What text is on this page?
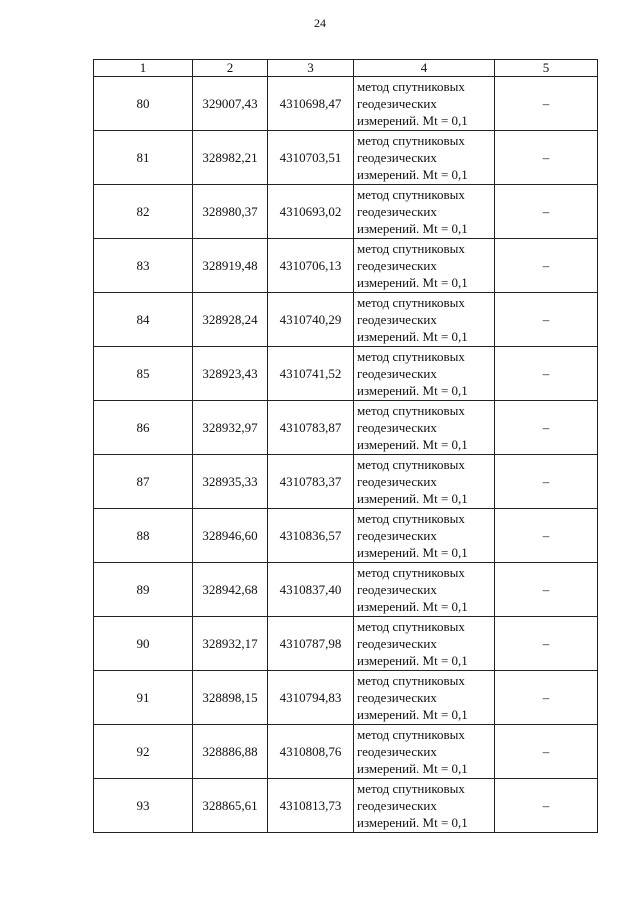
24
1	2	3	4	5
80	329007,43	4310698,47	метод спутниковых
геодезических
измерений. Mt = 0,1	–
81	328982,21	4310703,51	метод спутниковых
геодезических
измерений. Mt = 0,1	–
82	328980,37	4310693,02	метод спутниковых
геодезических
измерений. Mt = 0,1	–
83	328919,48	4310706,13	метод спутниковых
геодезических
измерений. Mt = 0,1	–
84	328928,24	4310740,29	метод спутниковых
геодезических
измерений. Mt = 0,1	–
85	328923,43	4310741,52	метод спутниковых
геодезических
измерений. Mt = 0,1	–
86	328932,97	4310783,87	метод спутниковых
геодезических
измерений. Mt = 0,1	–
87	328935,33	4310783,37	метод спутниковых
геодезических
измерений. Mt = 0,1	–
88	328946,60	4310836,57	метод спутниковых
геодезических
измерений. Mt = 0,1	–
89	328942,68	4310837,40	метод спутниковых
геодезических
измерений. Mt = 0,1	–
90	328932,17	4310787,98	метод спутниковых
геодезических
измерений. Mt = 0,1	–
91	328898,15	4310794,83	метод спутниковых
геодезических
измерений. Mt = 0,1	–
92	328886,88	4310808,76	метод спутниковых
геодезических
измерений. Mt = 0,1	–
93	328865,61	4310813,73	метод спутниковых
геодезических
измерений. Mt = 0,1	–
